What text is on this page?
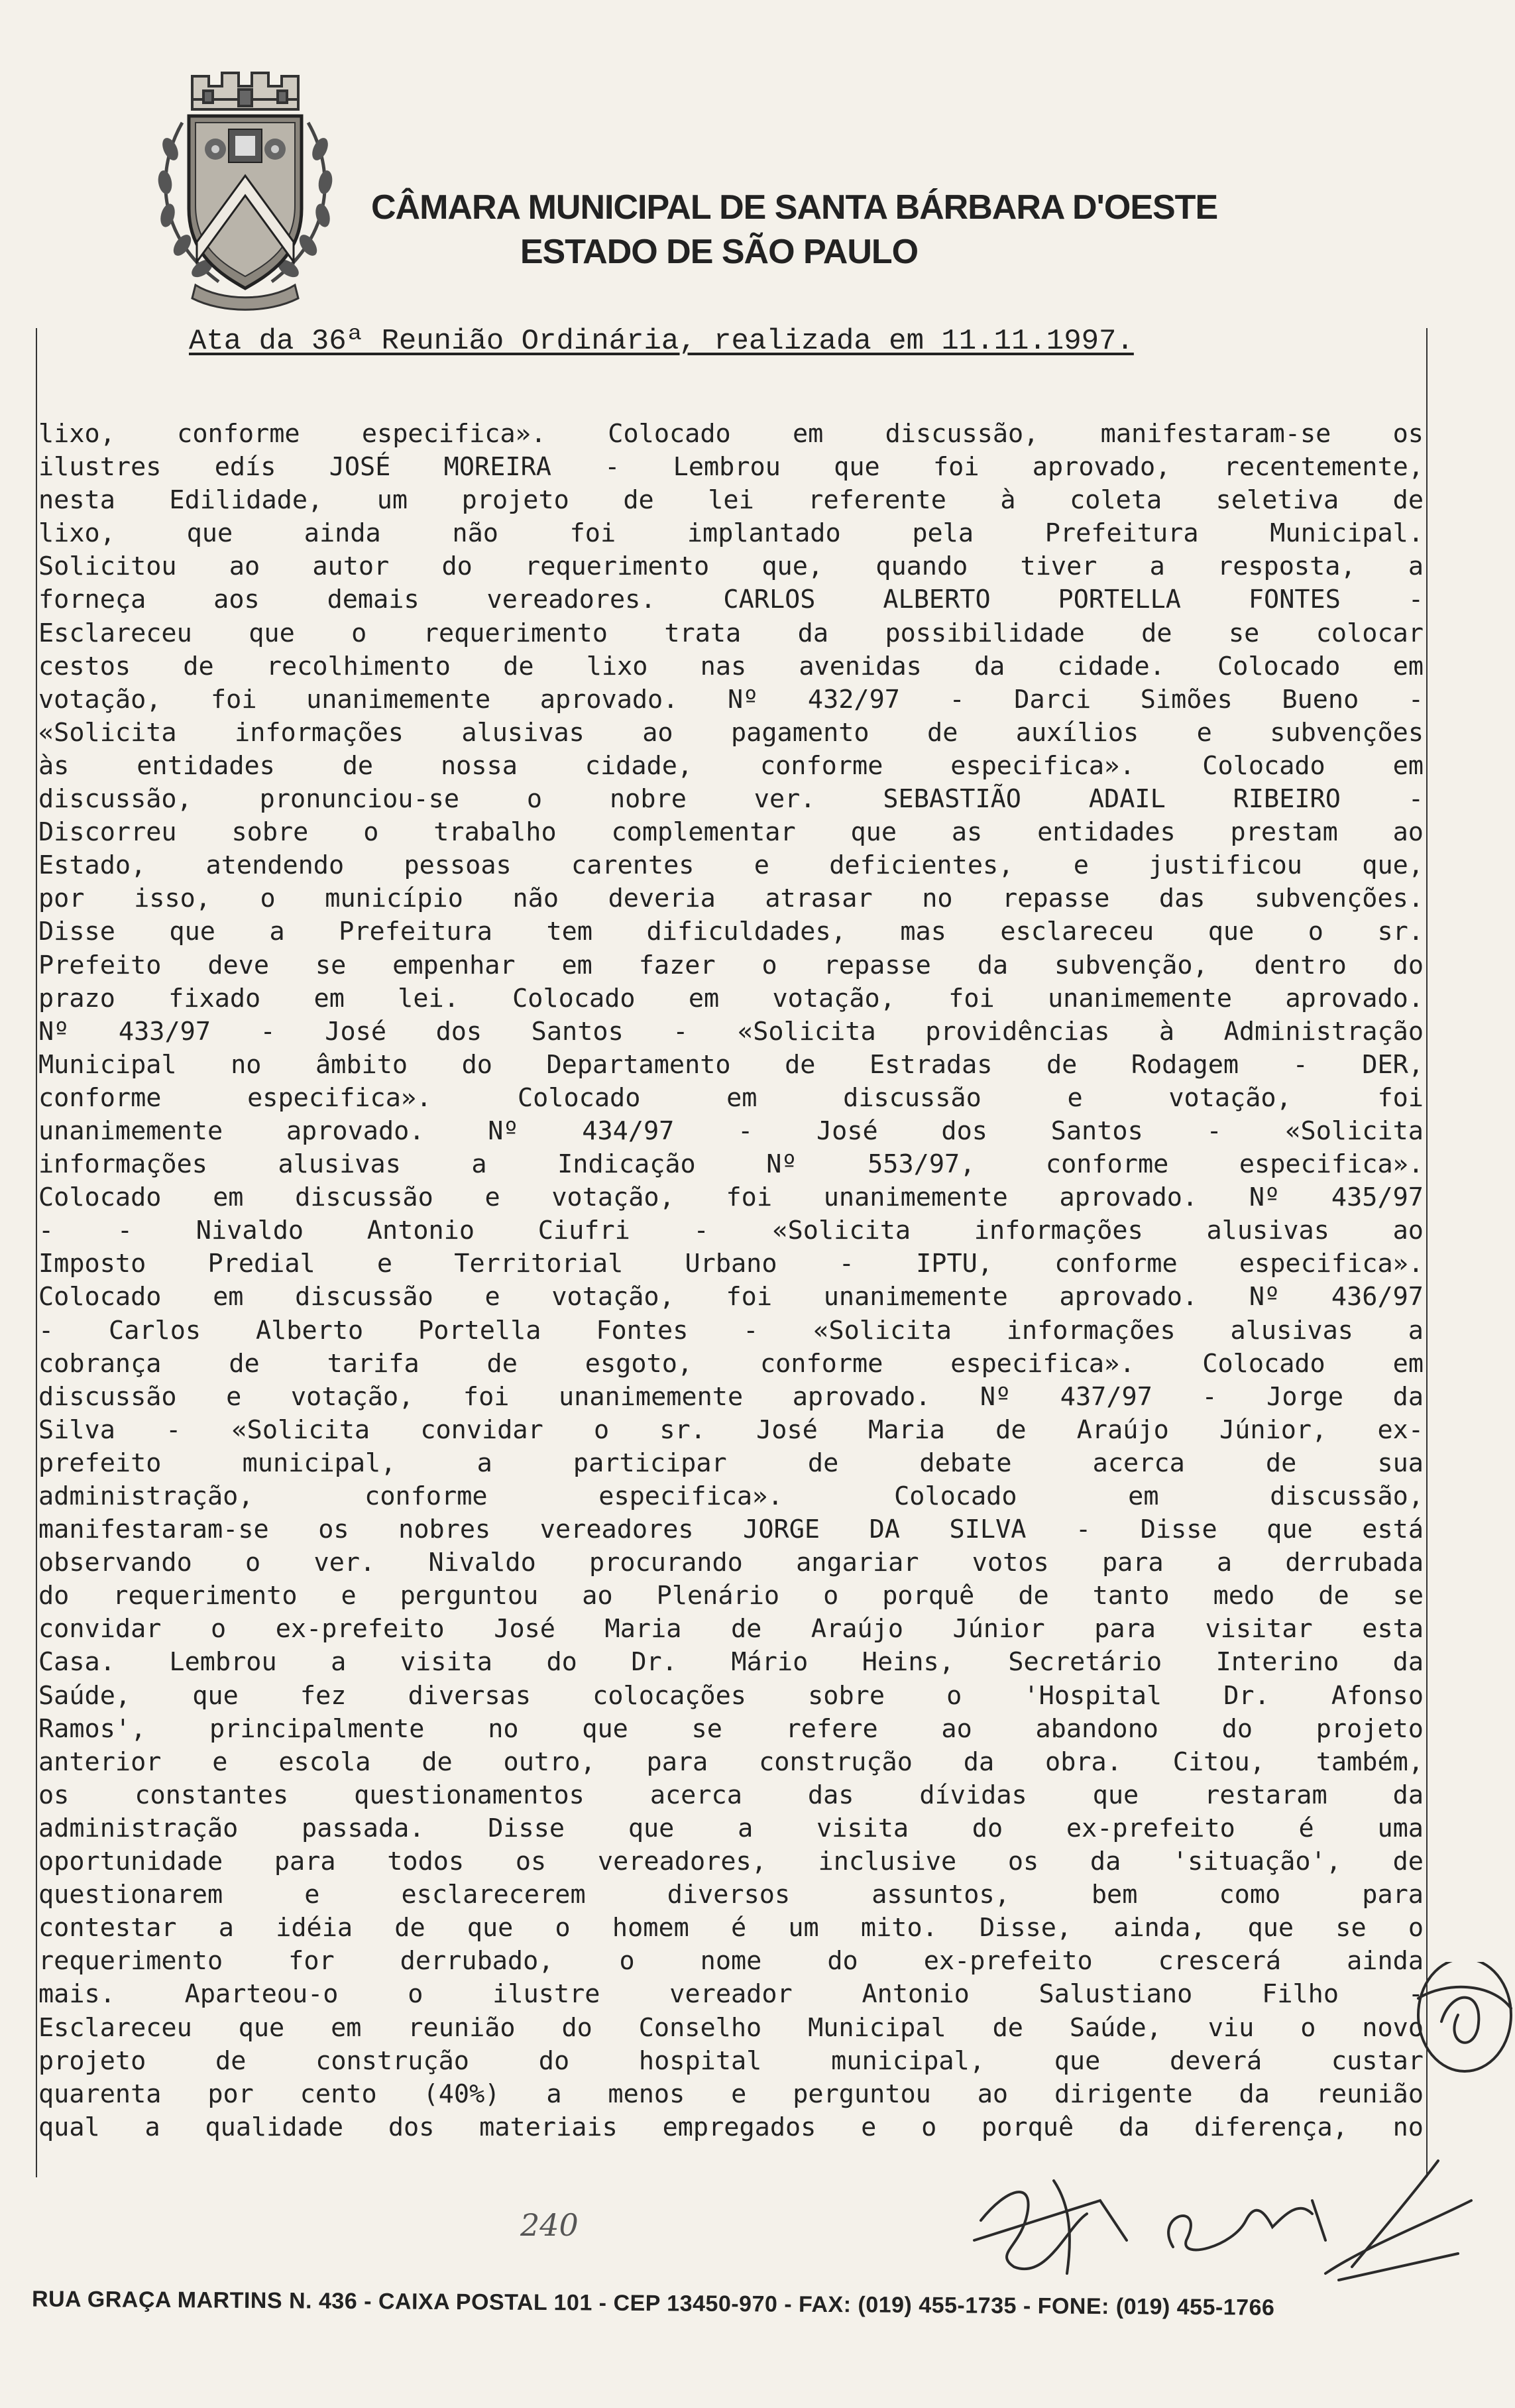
CÂMARA MUNICIPAL DE SANTA BÁRBARA D'OESTE
ESTADO DE SÃO PAULO
Ata da 36ª Reunião Ordinária, realizada em 11.11.1997.
lixo, conforme especifica». Colocado em discussão, manifestaram-se os
ilustres edís JOSÉ MOREIRA - Lembrou que foi aprovado, recentemente,
nesta Edilidade, um projeto de lei referente à coleta seletiva de
lixo, que ainda não foi implantado pela Prefeitura Municipal.
Solicitou ao autor do requerimento que, quando tiver a resposta, a
forneça aos demais vereadores. CARLOS ALBERTO PORTELLA FONTES -
Esclareceu que o requerimento trata da possibilidade de se colocar
cestos de recolhimento de lixo nas avenidas da cidade. Colocado em
votação, foi unanimemente aprovado. Nº 432/97 - Darci Simões Bueno -
«Solicita informações alusivas ao pagamento de auxílios e subvenções
às entidades de nossa cidade, conforme especifica». Colocado em
discussão, pronunciou-se o nobre ver. SEBASTIÃO ADAIL RIBEIRO -
Discorreu sobre o trabalho complementar que as entidades prestam ao
Estado, atendendo pessoas carentes e deficientes, e justificou que,
por isso, o município não deveria atrasar no repasse das subvenções.
Disse que a Prefeitura tem dificuldades, mas esclareceu que o sr.
Prefeito deve se empenhar em fazer o repasse da subvenção, dentro do
prazo fixado em lei. Colocado em votação, foi unanimemente aprovado.
Nº 433/97 - José dos Santos - «Solicita providências à Administração
Municipal no âmbito do Departamento de Estradas de Rodagem - DER,
conforme especifica». Colocado em discussão e votação, foi
unanimemente aprovado. Nº 434/97 - José dos Santos - «Solicita
informações alusivas a Indicação Nº 553/97, conforme especifica».
Colocado em discussão e votação, foi unanimemente aprovado. Nº 435/97
- - Nivaldo Antonio Ciufri - «Solicita informações alusivas ao
Imposto Predial e Territorial Urbano - IPTU, conforme especifica».
Colocado em discussão e votação, foi unanimemente aprovado. Nº 436/97
- Carlos Alberto Portella Fontes - «Solicita informações alusivas a
cobrança de tarifa de esgoto, conforme especifica». Colocado em
discussão e votação, foi unanimemente aprovado. Nº 437/97 - Jorge da
Silva - «Solicita convidar o sr. José Maria de Araújo Júnior, ex-
prefeito municipal, a participar de debate acerca de sua
administração, conforme especifica». Colocado em discussão,
manifestaram-se os nobres vereadores JORGE DA SILVA - Disse que está
observando o ver. Nivaldo procurando angariar votos para a derrubada
do requerimento e perguntou ao Plenário o porquê de tanto medo de se
convidar o ex-prefeito José Maria de Araújo Júnior para visitar esta
Casa. Lembrou a visita do Dr. Mário Heins, Secretário Interino da
Saúde, que fez diversas colocações sobre o 'Hospital Dr. Afonso
Ramos', principalmente no que se refere ao abandono do projeto
anterior e escola de outro, para construção da obra. Citou, também,
os constantes questionamentos acerca das dívidas que restaram da
administração passada. Disse que a visita do ex-prefeito é uma
oportunidade para todos os vereadores, inclusive os da 'situação', de
questionarem e esclarecerem diversos assuntos, bem como para
contestar a idéia de que o homem é um mito. Disse, ainda, que se o
requerimento for derrubado, o nome do ex-prefeito crescerá ainda
mais. Aparteou-o o ilustre vereador Antonio Salustiano Filho -
Esclareceu que em reunião do Conselho Municipal de Saúde, viu o novo
projeto de construção do hospital municipal, que deverá custar
quarenta por cento (40%) a menos e perguntou ao dirigente da reunião
qual a qualidade dos materiais empregados e o porquê da diferença, no
240
RUA GRAÇA MARTINS N. 436 - CAIXA POSTAL 101 - CEP 13450-970 - FAX: (019) 455-1735 - FONE: (019) 455-1766
